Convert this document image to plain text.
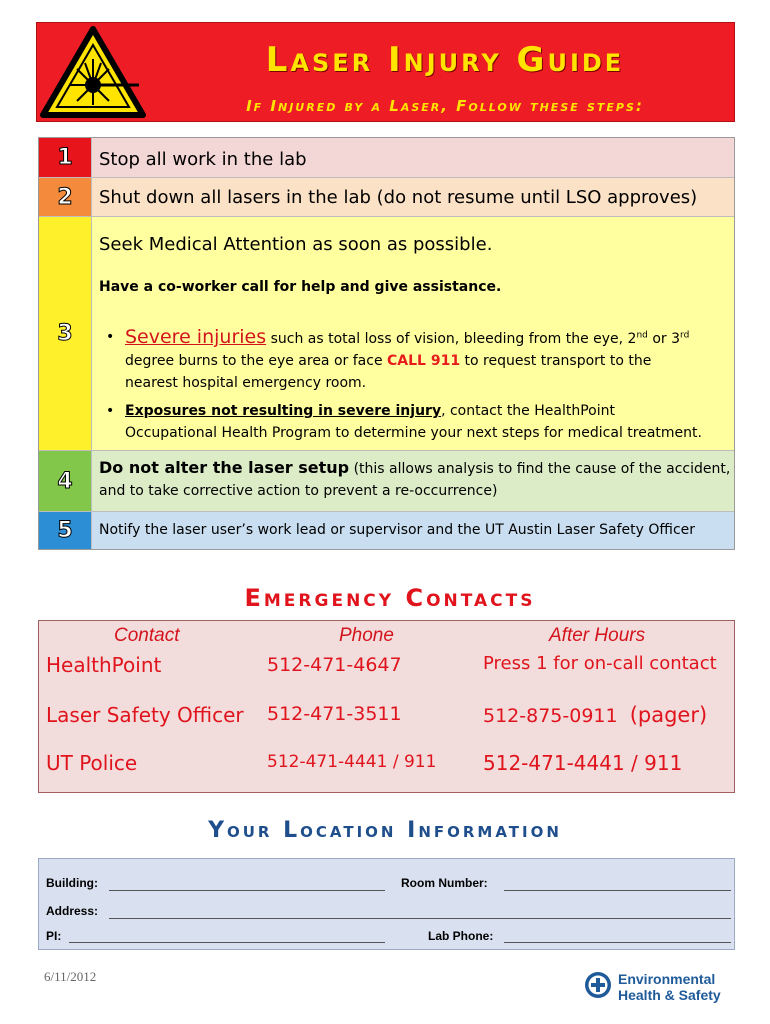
Laser Injury Guide
If Injured by a Laser, Follow these steps:
1	Stop all work in the lab
2	Shut down all lasers in the lab (do not resume until LSO approves)
3
Seek Medical Attention as soon as possible.
Have a co-worker call for help and give assistance.
• Severe injuries such as total loss of vision, bleeding from the eye, 2nd or 3rd
degree burns to the eye area or face CALL 911 to request transport to the nearest hospital emergency room.
• Exposures not resulting in severe injury, contact the HealthPoint Occupational Health Program to determine your next steps for medical treatment.
4
Do not alter the laser setup (this allows analysis to find the cause of the accident, and to take corrective action to prevent a re-occurrence)
5	Notify the laser user’s work lead or supervisor and the UT Austin Laser Safety Officer
Emergency Contacts
Contact	Phone	After Hours
HealthPoint	512-471-4647	Press 1 for on-call contact
Laser Safety Officer 512-471-3511	512-875-0911 (pager)
UT Police	512-471-4441 / 911 512-471-4441 / 911
Your Location Information
Building:	Room Number:
Address:
PI:	Lab Phone:
6/11/2012	Environmental
Health & Safety
